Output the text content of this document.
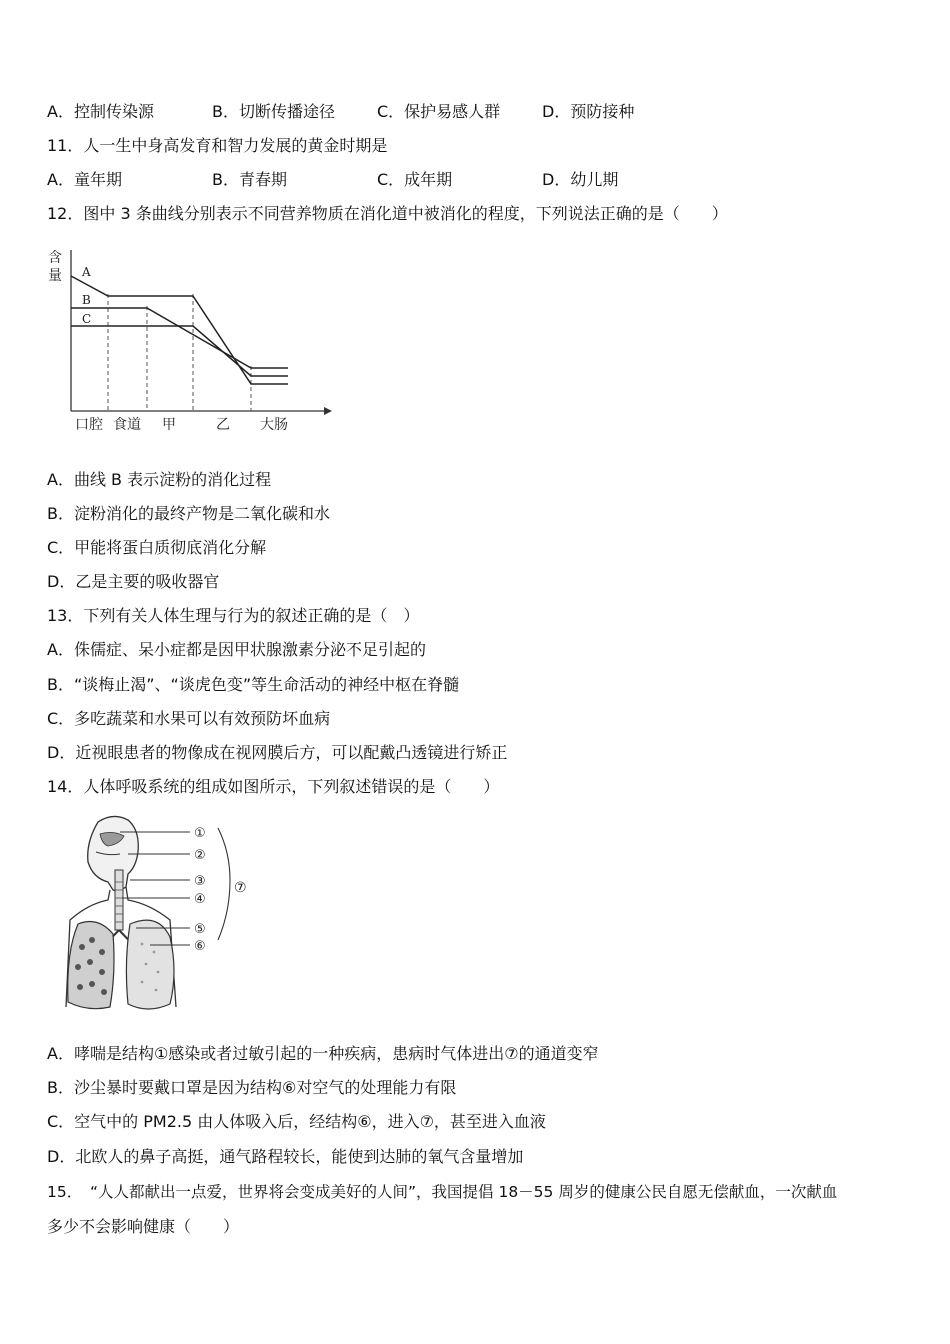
A．控制传染源	B．切断传播途径	C．保护易感人群	D．预防接种
11．人一生中身高发育和智力发展的黄金时期是
A．童年期	B．青春期	C．成年期	D．幼儿期
12．图中 3 条曲线分别表示不同营养物质在消化道中被消化的程度，下列说法正确的是（　　）
含
量 A
B
C
口腔 食道 甲	乙 大肠
A．曲线 B 表示淀粉的消化过程
B．淀粉消化的最终产物是二氧化碳和水
C．甲能将蛋白质彻底消化分解
D．乙是主要的吸收器官
13．下列有关人体生理与行为的叙述正确的是（　）
A．侏儒症、呆小症都是因甲状腺激素分泌不足引起的
B．“谈梅止渴”、“谈虎色变”等生命活动的神经中枢在脊髓
C．多吃蔬菜和水果可以有效预防坏血病
D．近视眼患者的物像成在视网膜后方，可以配戴凸透镜进行矫正
14．人体呼吸系统的组成如图所示，下列叙述错误的是（　　）
①
②
③
④
⑤
⑥
⑦
A．哮喘是结构①感染或者过敏引起的一种疾病，患病时气体进出⑦的通道变窄
B．沙尘暴时要戴口罩是因为结构⑥对空气的处理能力有限
C．空气中的 PM2.5 由人体吸入后，经结构⑥，进入⑦，甚至进入血液
D．北欧人的鼻子高挺，通气路程较长，能使到达肺的氧气含量增加
15．　“人人都献出一点爱，世界将会变成美好的人间”，我国提倡 18－55 周岁的健康公民自愿无偿献血，一次献血
多少不会影响健康（　　）
